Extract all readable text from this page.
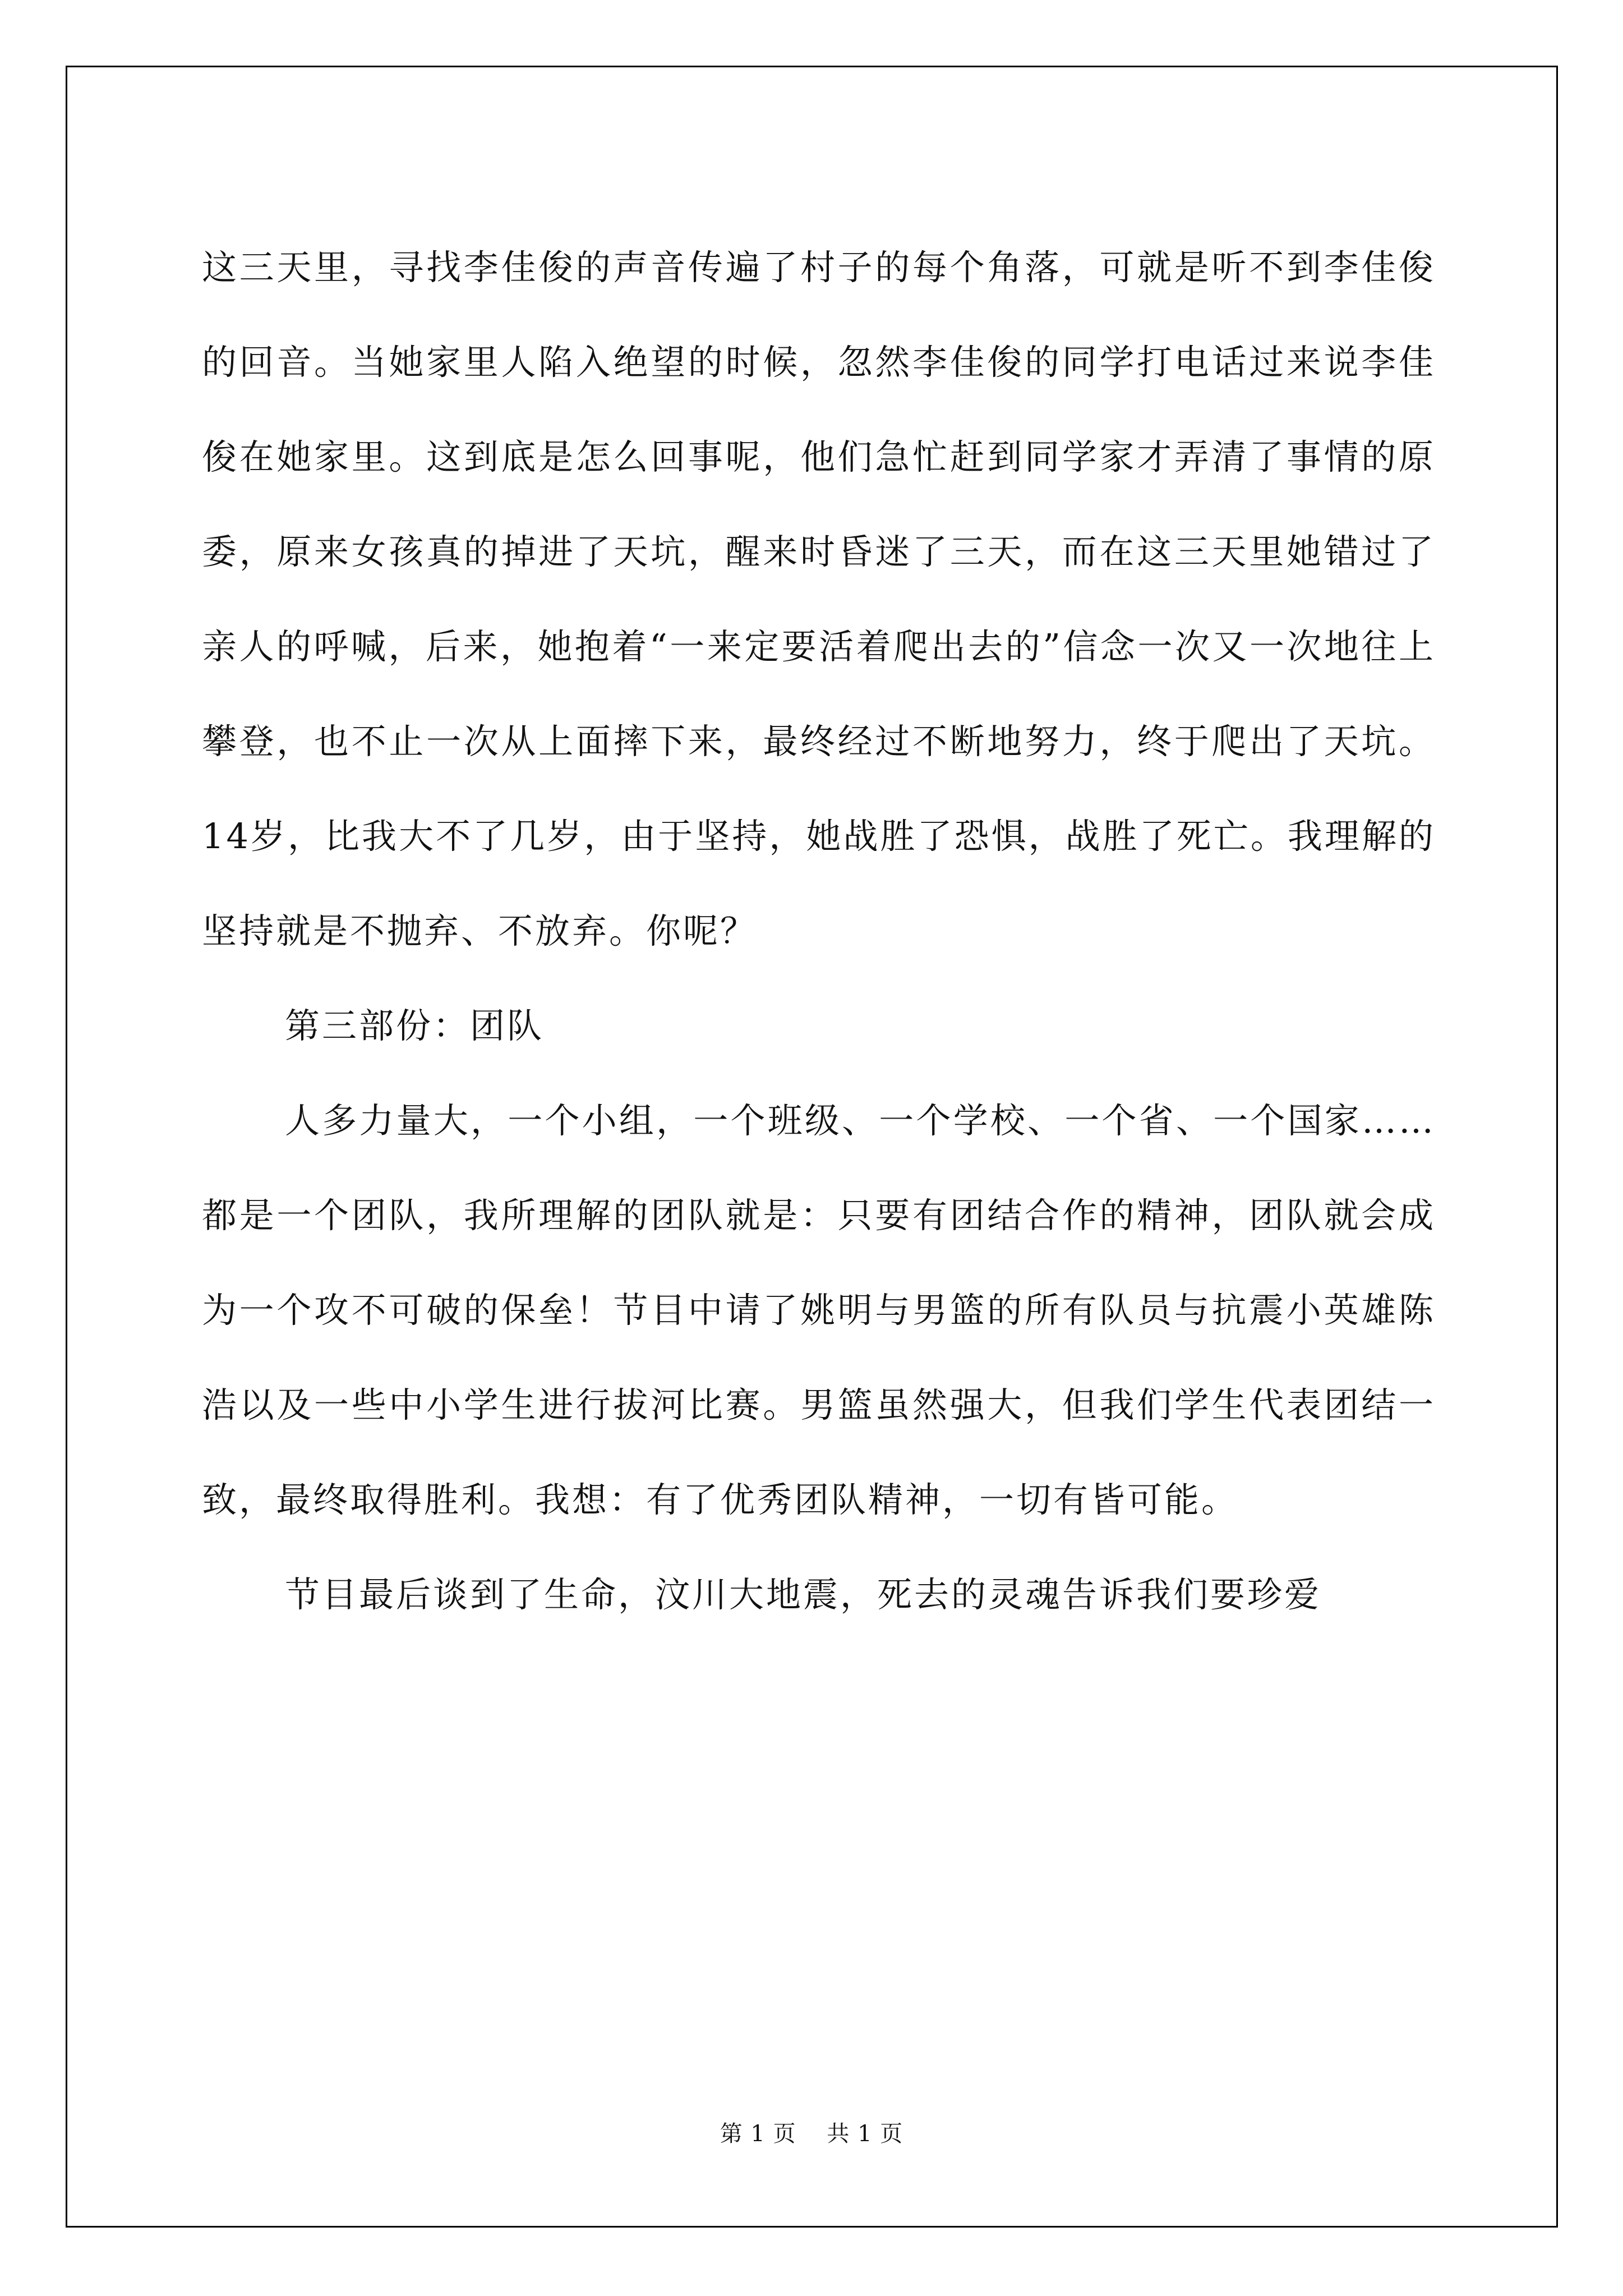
这三天里，寻找李佳俊的声音传遍了村子的每个角落，可就是听不到李佳俊的回音。当她家里人陷入绝望的时候，忽然李佳俊的同学打电话过来说李佳俊在她家里。这到底是怎么回事呢，他们急忙赶到同学家才弄清了事情的原委，原来女孩真的掉进了天坑，醒来时昏迷了三天，而在这三天里她错过了亲人的呼喊，后来，她抱着“一来定要活着爬出去的”信念一次又一次地往上攀登，也不止一次从上面摔下来，最终经过不断地努力，终于爬出了天坑。14岁，比我大不了几岁，由于坚持，她战胜了恐惧，战胜了死亡。我理解的坚持就是不抛弃、不放弃。你呢？

第三部份：团队

人多力量大，一个小组，一个班级、一个学校、一个省、一个国家……都是一个团队，我所理解的团队就是：只要有团结合作的精神，团队就会成为一个攻不可破的保垒！节目中请了姚明与男篮的所有队员与抗震小英雄陈浩以及一些中小学生进行拔河比赛。男篮虽然强大，但我们学生代表团结一致，最终取得胜利。我想：有了优秀团队精神，一切有皆可能。

节目最后谈到了生命，汶川大地震，死去的灵魂告诉我们要珍爱

第 1 页    共 1 页
